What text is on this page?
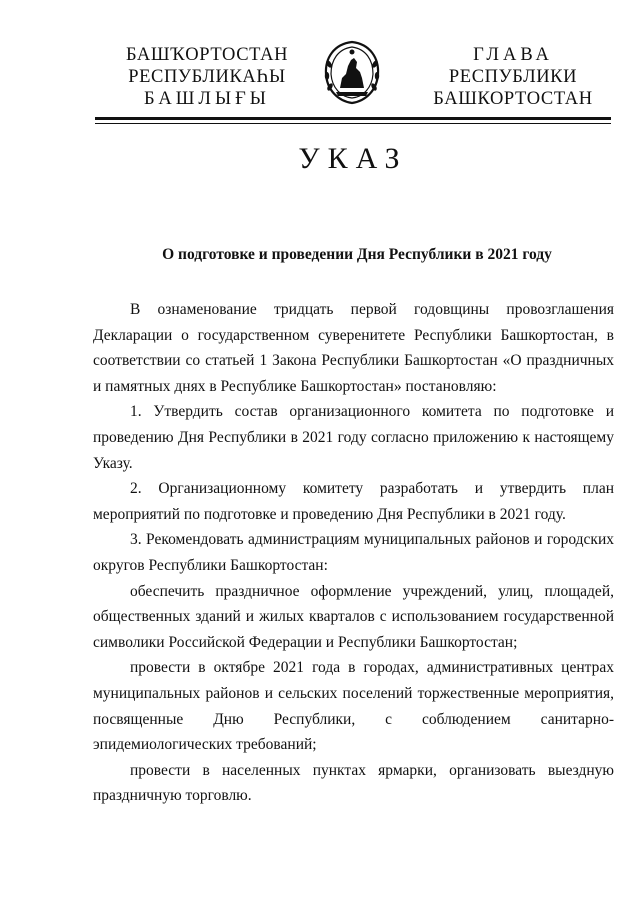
БАШҠОРТОСТАН
РЕСПУБЛИКАҺЫ
БАШЛЫҒЫ
ГЛАВА
РЕСПУБЛИКИ
БАШКОРТОСТАН
УКАЗ
О подготовке и проведении Дня Республики в 2021 году

В ознаменование тридцать первой годовщины провозглашения Декларации о государственном суверенитете Республики Башкортостан, в соответствии со статьей 1 Закона Республики Башкортостан «О праздничных и памятных днях в Республике Башкортостан» постановляю:

1. Утвердить состав организационного комитета по подготовке и проведению Дня Республики в 2021 году согласно приложению к настоящему Указу.

2. Организационному комитету разработать и утвердить план мероприятий по подготовке и проведению Дня Республики в 2021 году.

3. Рекомендовать администрациям муниципальных районов и городских округов Республики Башкортостан:

обеспечить праздничное оформление учреждений, улиц, площадей, общественных зданий и жилых кварталов с использованием государственной символики Российской Федерации и Республики Башкортостан;

провести в октябре 2021 года в городах, административных центрах муниципальных районов и сельских поселений торжественные мероприятия, посвященные Дню Республики, с соблюдением санитарно-эпидемиологических требований;

провести в населенных пунктах ярмарки, организовать выездную праздничную торговлю.
